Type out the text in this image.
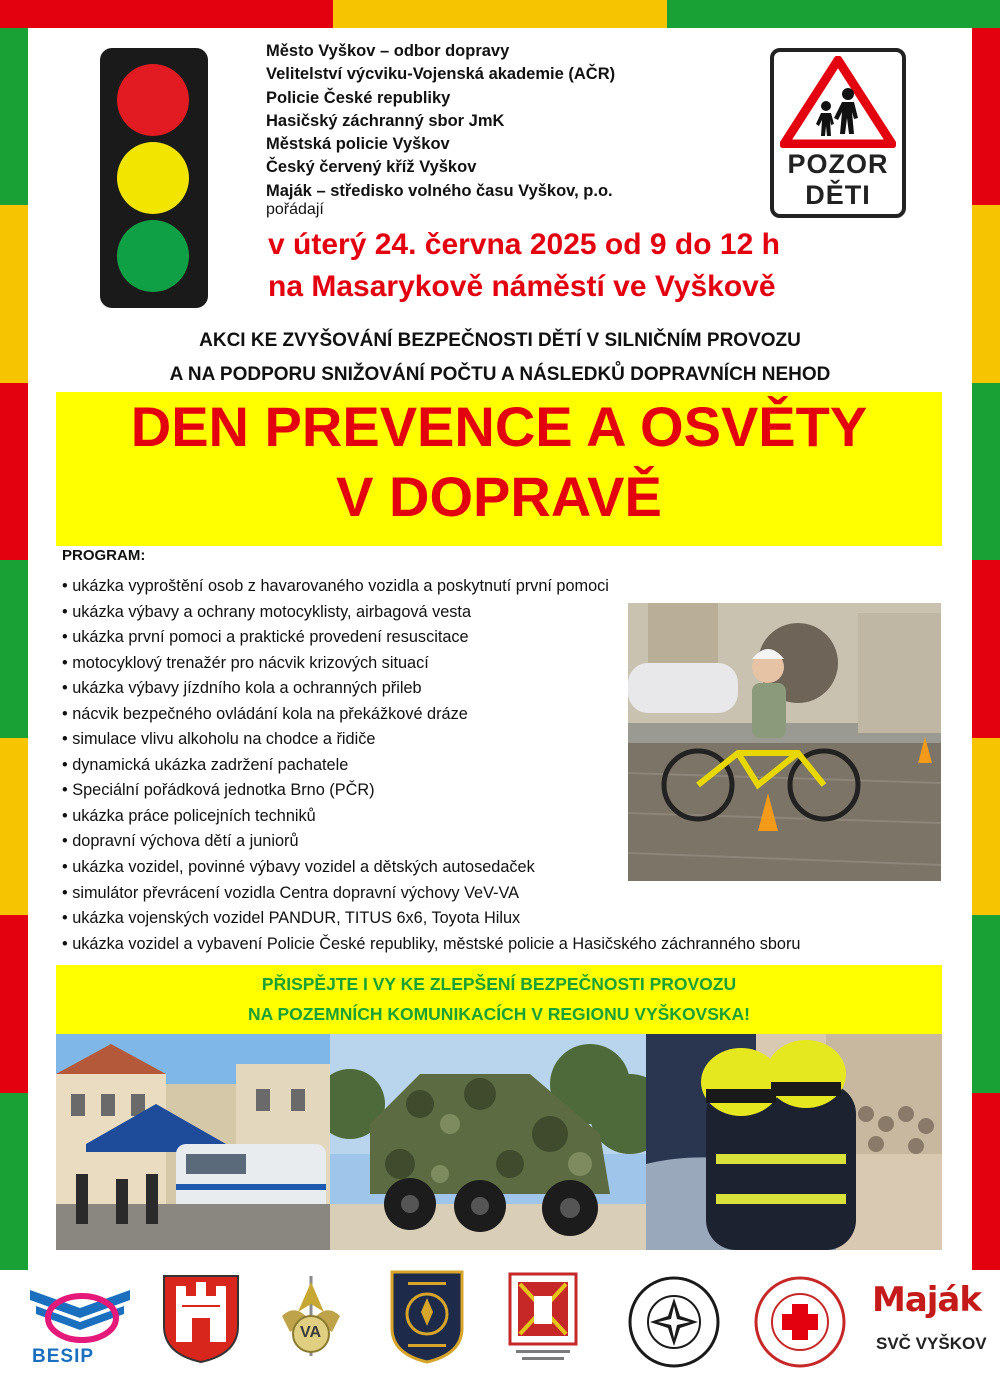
Město Vyškov – odbor dopravy
Velitelství výcviku-Vojenská akademie (AČR)
Policie České republiky
Hasičský záchranný sbor JmK
Městská policie Vyškov
Český červený kříž Vyškov
Maják – středisko volného času Vyškov, p.o.
pořádají
POZOR
DĚTI
v úterý 24. června 2025 od 9 do 12 h
na Masarykově náměstí ve Vyškově
AKCI KE ZVYŠOVÁNÍ BEZPEČNOSTI DĚTÍ V SILNIČNÍM PROVOZU
A NA PODPORU SNIŽOVÁNÍ POČTU A NÁSLEDKŮ DOPRAVNÍCH NEHOD
DEN PREVENCE A OSVĚTY
V DOPRAVĚ
PROGRAM:
• ukázka vyproštění osob z havarovaného vozidla a poskytnutí první pomoci
• ukázka výbavy a ochrany motocyklisty, airbagová vesta
• ukázka první pomoci a praktické provedení resuscitace
• motocyklový trenažér pro nácvik krizových situací
• ukázka výbavy jízdního kola a ochranných přileb
• nácvik bezpečného ovládání kola na překážkové dráze
• simulace vlivu alkoholu na chodce a řidiče
• dynamická ukázka zadržení pachatele
• Speciální pořádková jednotka Brno (PČR)
• ukázka práce policejních techniků
• dopravní výchova dětí a juniorů
• ukázka vozidel, povinné výbavy vozidel a dětských autosedaček
• simulátor převrácení vozidla Centra dopravní výchovy VeV-VA
• ukázka vojenských vozidel PANDUR, TITUS 6x6, Toyota Hilux
• ukázka vozidel a vybavení Policie České republiky, městské policie a Hasičského záchranného sboru
PŘISPĚJTE I VY KE ZLEPŠENÍ BEZPEČNOSTI PROVOZU
NA POZEMNÍCH KOMUNIKACÍCH V REGIONU VYŠKOVSKA!
BESIP
VA
Maják
SVČ VYŠKOV
